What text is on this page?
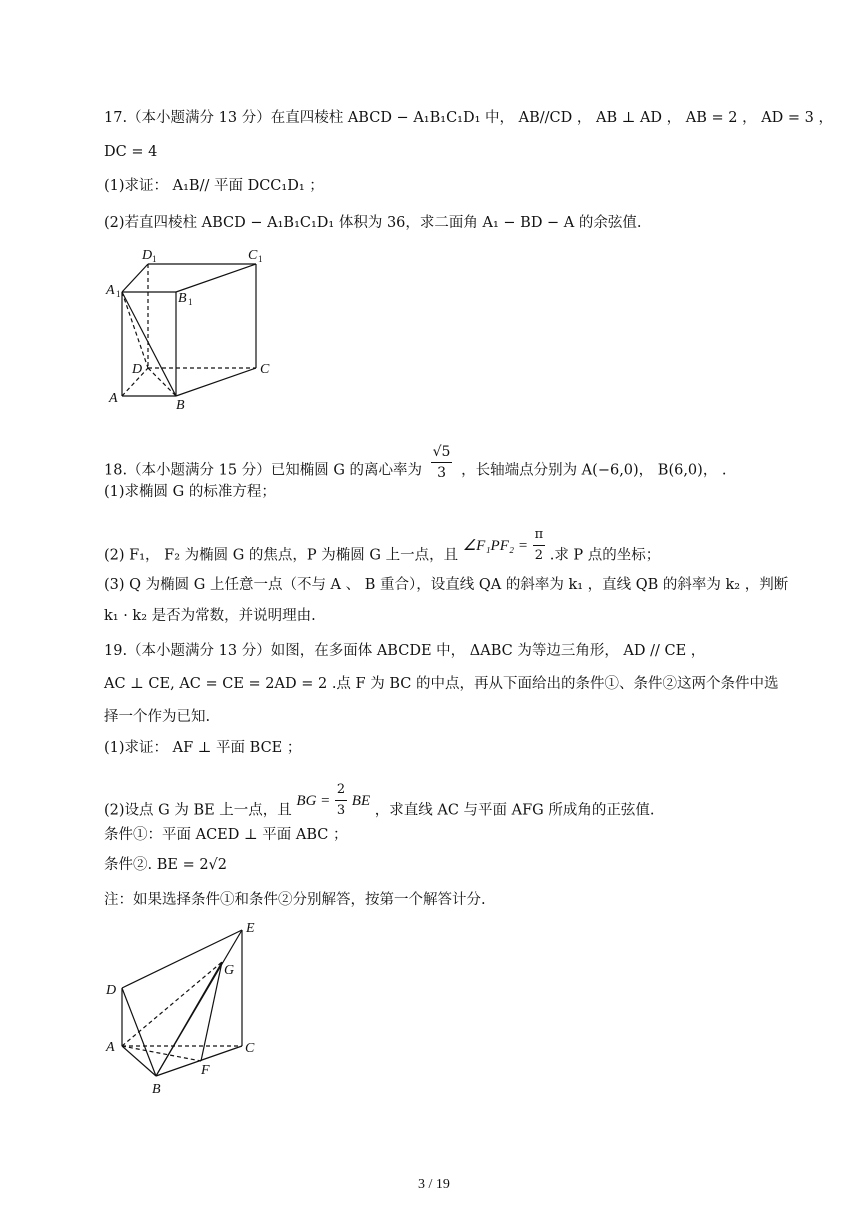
17.（本小题满分 13 分）在直四棱柱 ABCD − A₁B₁C₁D₁ 中， AB//CD ， AB ⊥ AD ， AB = 2 ， AD = 3 ，
DC = 4
(1)求证： A₁B// 平面 DCC₁D₁ ；
(2)若直四棱柱 ABCD − A₁B₁C₁D₁ 体积为 36，求二面角 A₁ − BD − A 的余弦值.
D 1	C 1
A 1	B 1
D	C
A	B
18.（本小题满分 15 分）已知椭圆 G 的离心率为 $\frac{√5}{3}$ ，长轴端点分别为 A(−6,0)， B(6,0)， .
(1)求椭圆 G 的标准方程；
(2) F₁， F₂ 为椭圆 G 的焦点，P 为椭圆 G 上一点，且 ∠F₁PF₂ = $\frac{\pi}{2}$ .求 P 点的坐标；
(3) Q 为椭圆 G 上任意一点（不与 A 、 B 重合），设直线 QA 的斜率为 k₁ ，直线 QB 的斜率为 k₂ ，判断
k₁ · k₂ 是否为常数，并说明理由.
19.（本小题满分 13 分）如图，在多面体 ABCDE 中， ΔABC 为等边三角形， AD // CE ，
AC ⊥ CE, AC = CE = 2AD = 2 .点 F 为 BC 的中点，再从下面给出的条件①、条件②这两个条件中选
择一个作为已知.
(1)求证： AF ⊥ 平面 BCE ；
(2)设点 G 为 BE 上一点，且 BG = $\frac{2}{3}$ BE ，求直线 AC 与平面 AFG 所成角的正弦值.
条件①：平面 ACED ⊥ 平面 ABC ；
条件②. BE = 2√2
注：如果选择条件①和条件②分别解答，按第一个解答计分.
E
G
D
A	C
F
B
3 / 19
